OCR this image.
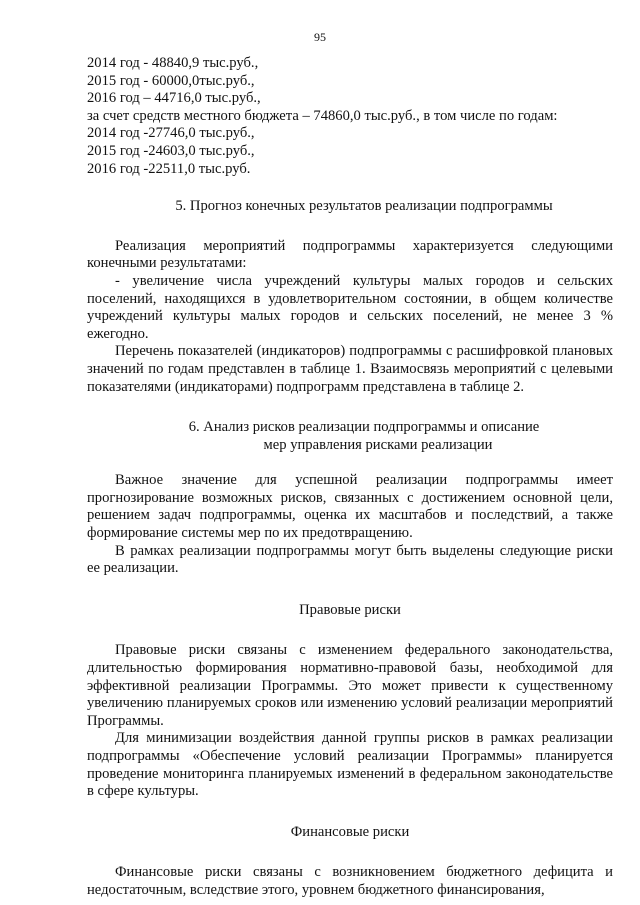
95
2014 год - 48840,9 тыс.руб.,
2015 год - 60000,0тыс.руб.,
2016 год – 44716,0 тыс.руб.,
за счет средств местного бюджета – 74860,0 тыс.руб., в том числе по годам:
2014 год -27746,0 тыс.руб.,
2015 год -24603,0 тыс.руб.,
2016 год -22511,0 тыс.руб.

5. Прогноз конечных результатов реализации подпрограммы

Реализация мероприятий подпрограммы характеризуется следующими конечными результатами:

- увеличение числа учреждений культуры малых городов и сельских поселений, находящихся в удовлетворительном состоянии, в общем количестве учреждений культуры малых городов и сельских поселений, не менее 3 % ежегодно.

Перечень показателей (индикаторов) подпрограммы с расшифровкой плановых значений по годам представлен в таблице 1. Взаимосвязь мероприятий с целевыми показателями (индикаторами) подпрограмм представлена в таблице 2.

6. Анализ рисков реализации подпрограммы и описание

мер управления рисками реализации

Важное значение для успешной реализации подпрограммы имеет прогнозирование возможных рисков, связанных с достижением основной цели, решением задач подпрограммы, оценка их масштабов и последствий, а также формирование системы мер по их предотвращению.

В рамках реализации подпрограммы могут быть выделены следующие риски ее реализации.

Правовые риски

Правовые риски связаны с изменением федерального законодательства, длительностью формирования нормативно-правовой базы, необходимой для эффективной реализации Программы. Это может привести к существенному увеличению планируемых сроков или изменению условий реализации мероприятий Программы.

Для минимизации воздействия данной группы рисков в рамках реализации подпрограммы «Обеспечение условий реализации Программы» планируется проведение мониторинга планируемых изменений в федеральном законодательстве в сфере культуры.

Финансовые риски

Финансовые риски связаны с возникновением бюджетного дефицита и недостаточным, вследствие этого, уровнем бюджетного финансирования,
